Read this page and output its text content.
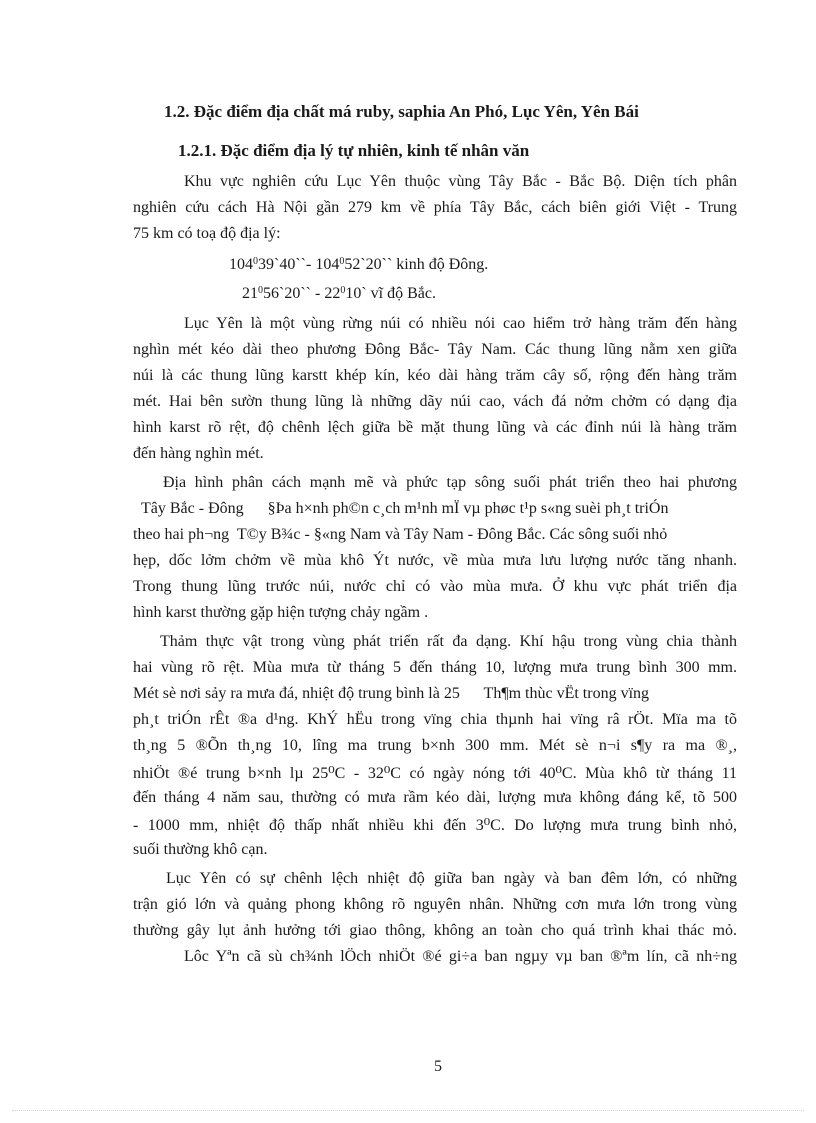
1.2. Đặc điểm địa chất má ruby, saphia An Phó, Lục Yên, Yên Bái
1.2.1. Đặc điểm địa lý tự nhiên, kinh tế nhân văn
Khu vực nghiên cứu Lục Yên thuộc vùng Tây Bắc - Bắc Bộ. Diện tích phân
nghiên cứu cách Hà Nội gần 279 km về phía Tây Bắc, cách biên giới Việt - Trung
75 km có toạ độ địa lý:
$104^039`40``-$ $104^052`20``$ kinh độ Đông.
$21^056`20``$ - $22^010`$ vĩ độ Bắc.
Lục Yên là một vùng rừng núi có nhiều nói cao hiểm trở hàng trăm đến hàng
nghìn mét kéo dài theo phương Đông Bắc- Tây Nam. Các thung lũng nằm xen giữa
núi là các thung lũng karstt khép kín, kéo dài hàng trăm cây số, rộng đến hàng trăm
mét. Hai bên sườn thung lũng là những dãy núi cao, vách đá nởm chởm có dạng địa
hình karst rõ rệt, độ chênh lệch giữa bề mặt thung lũng và các đỉnh núi là hàng trăm
đến hàng nghìn mét.
Địa hình phân cách mạnh mẽ và phức tạp sông suối phát triển theo hai phương
Tây Bắc - Đông      §Þa h×nh ph©n c¸ch m¹nh mÏ vµ phøc t¹p s«ng suèi ph¸t triÓn
theo hai ph¬ng  T©y B¾c - §«ng Nam và Tây Nam - Đông Bắc. Các sông suối nhỏ
hẹp, dốc lởm chởm về mùa khô Ýt nước, về mùa mưa lưu lượng nước tăng nhanh.
Trong thung lũng trước núi, nước chỉ có vào mùa mưa. Ở khu vực phát triển địa
hình karst thường gặp hiện tượng chảy ngầm .
Thảm thực vật trong vùng phát triển rất đa dạng. Khí hậu trong vùng chia thành
hai vùng rõ rệt. Mùa mưa từ tháng 5 đến tháng 10, lượng mưa trung bình 300 mm.
Mét sè nơi sảy ra mưa đá, nhiệt độ trung bình là 25      Th¶m thùc vËt trong vïng
ph¸t triÓn rÊt ®a d¹ng. KhÝ hËu trong vïng chia thµnh hai vïng râ rÖt. Mïa ma tõ
th¸ng 5 ®Õn th¸ng 10, lîng ma trung b×nh 300 mm. Mét sè n¬i s¶y ra ma ®¸,
nhiÖt ®é trung b×nh lµ 25⁰C - 32⁰C có ngày nóng tới 40⁰C. Mùa khô từ tháng 11
đến tháng 4 năm sau, thường có mưa rầm kéo dài, lượng mưa không đáng kể, tõ 500
- 1000 mm, nhiệt độ thấp nhất nhiều khi đến 3⁰C. Do lượng mưa trung bình nhỏ,
suối thường khô cạn.
Lục Yên có sự chênh lệch nhiệt độ giữa ban ngày và ban đêm lớn, có những
trận gió lớn và quảng phong không rõ nguyên nhân. Những cơn mưa lớn trong vùng
thường gây lụt ảnh hưởng tới giao thông, không an toàn cho quá trình khai thác mỏ.
Lôc Yªn cã sù ch¾nh lÖch nhiÖt ®é gi÷a ban ngµy vµ ban ®ªm lín, cã nh÷ng
5
